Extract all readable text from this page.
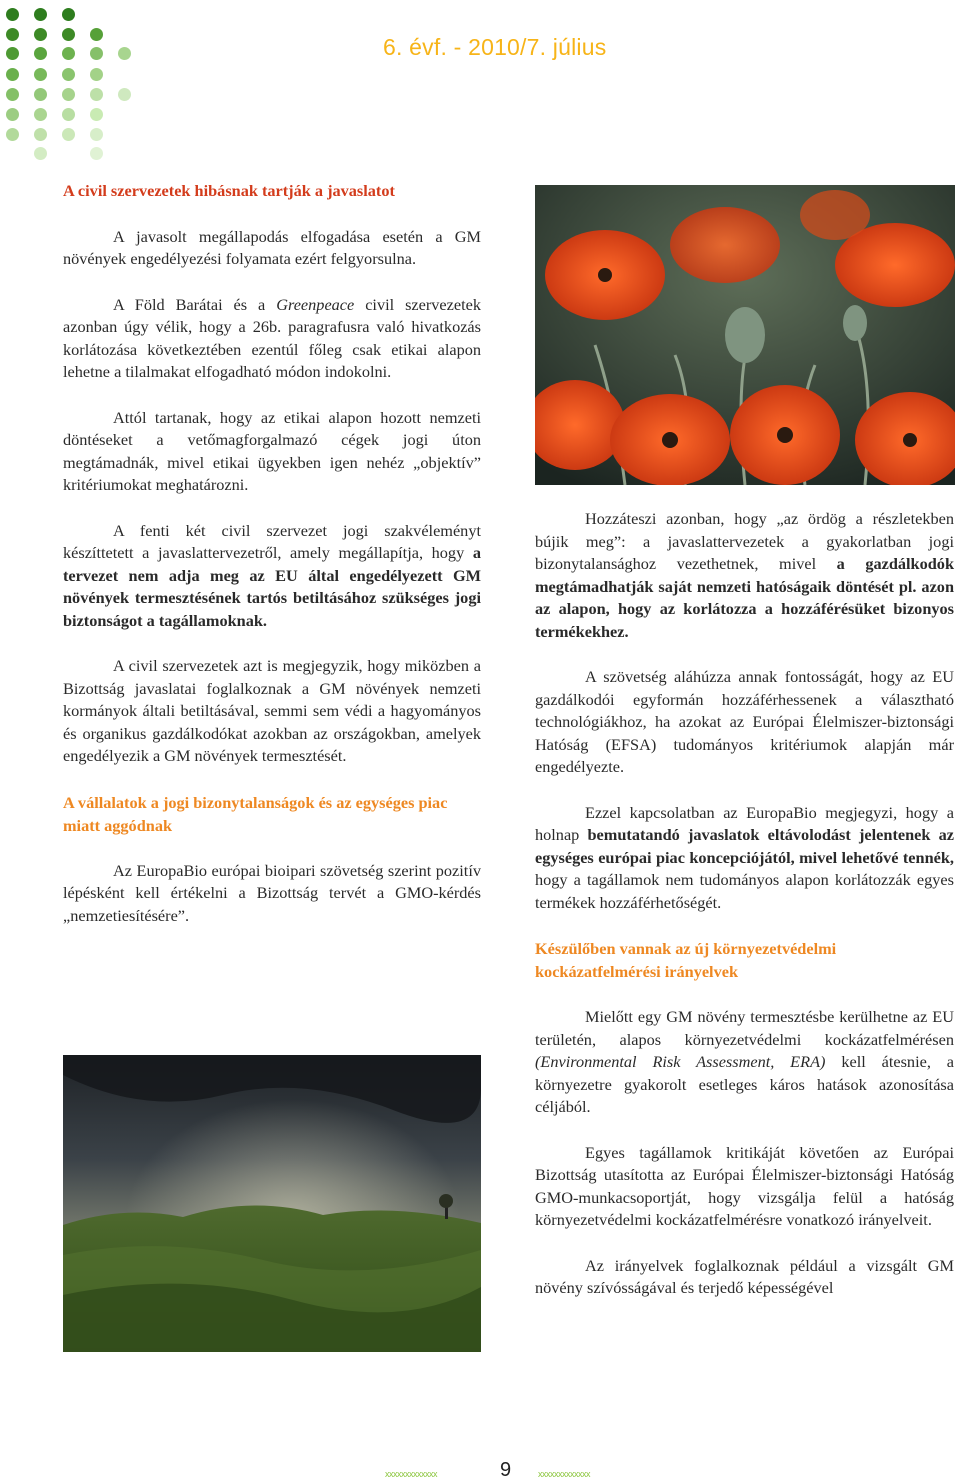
6. évf. - 2010/7. július

A civil szervezetek hibásnak tartják a javaslatot

A javasolt megállapodás elfogadása esetén a GM növények engedélyezési folyamata ezért felgyorsulna.

A Föld Barátai és a Greenpeace civil szervezetek azonban úgy vélik, hogy a 26b. paragrafusra való hivatkozás korlátozása következtében ezentúl főleg csak etikai alapon lehetne a tilalmakat elfogadható módon indokolni.

Attól tartanak, hogy az etikai alapon hozott nemzeti döntéseket a vetőmagforgalmazó cégek jogi úton megtámadnák, mivel etikai ügyekben igen nehéz „objektív” kritériumokat meghatározni.

A fenti két civil szervezet jogi szakvéleményt készíttetett a javaslattervezetről, amely megállapítja, hogy a tervezet nem adja meg az EU által engedélyezett GM növények termesztésének tartós betiltásához szükséges jogi biztonságot a tagállamoknak.

A civil szervezetek azt is megjegyzik, hogy miközben a Bizottság javaslatai foglalkoznak a GM növények nemzeti kormányok általi betiltásával, semmi sem védi a hagyományos és organikus gazdálkodókat azokban az országokban, amelyek engedélyezik a GM növények termesztését.

A vállalatok a jogi bizonytalanságok és az egységes piac miatt aggódnak

Az EuropaBio európai bioipari szövetség szerint pozitív lépésként kell értékelni a Bizottság tervét a GMO-kérdés „nemzetiesítésére”.

Hozzáteszi azonban, hogy „az ördög a részletekben bújik meg”: a javaslattervezetek a gyakorlatban jogi bizonytalansághoz vezethetnek, mivel a gazdálkodók megtámadhatják saját nemzeti hatóságaik döntését pl. azon az alapon, hogy az korlátozza a hozzáférésüket bizonyos termékekhez.

A szövetség aláhúzza annak fontosságát, hogy az EU gazdálkodói egyformán hozzáférhessenek a választható technológiákhoz, ha azokat az Európai Élelmiszer-biztonsági Hatóság (EFSA) tudományos kritériumok alapján már engedélyezte.

Ezzel kapcsolatban az EuropaBio megjegyzi, hogy a holnap bemutatandó javaslatok eltávolodást jelentenek az egységes európai piac koncepciójától, mivel lehetővé tennék, hogy a tagállamok nem tudományos alapon korlátozzák egyes termékek hozzáférhetőségét.

Készülőben vannak az új környezetvédelmi kockázatfelmérési irányelvek

Mielőtt egy GM növény termesztésbe kerülhetne az EU területén, alapos környezetvédelmi kockázatfelmérésen (Environmental Risk Assessment, ERA) kell átesnie, a környezetre gyakorolt esetleges káros hatások azonosítása céljából.

Egyes tagállamok kritikáját követően az Európai Bizottság utasította az Európai Élelmiszer-biztonsági Hatóság GMO-munkacsoportját, hogy vizsgálja felül a hatóság környezetvédelmi kockázatfelmérésre vonatkozó irányelveit.

Az irányelvek foglalkoznak például a vizsgált GM növény szívósságával és terjedő képességével

xxxxxxxxxxxxx	9	xxxxxxxxxxxxx
